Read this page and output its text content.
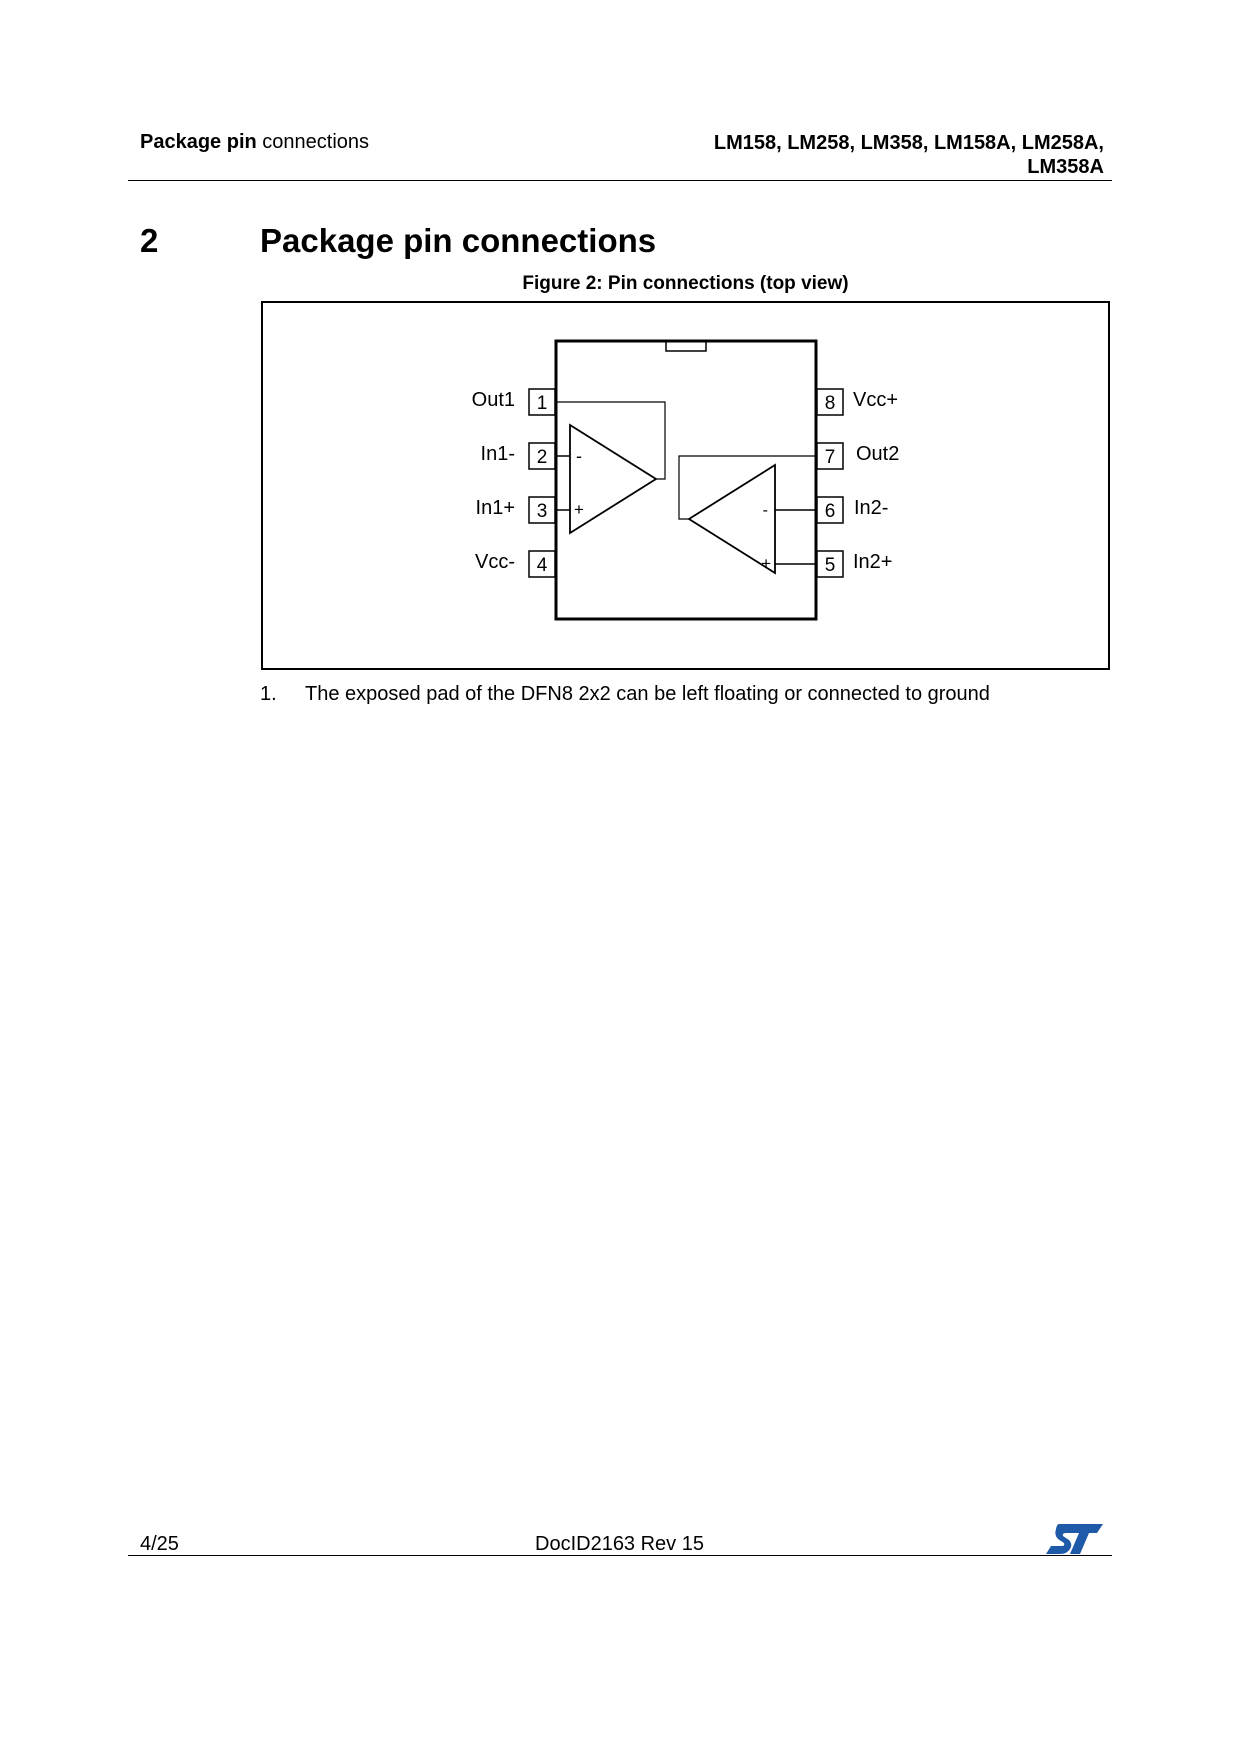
Package pin connections	LM158, LM258, LM358, LM158A, LM258A,
LM358A
2	Package pin connections
Figure 2: Pin connections (top view)
1
2
3
4
8
7
6
5
Out1
In1-
In1+
Vcc-
Vcc+
Out2
In2-
In2+
-
+	-
+
1. The exposed pad of the DFN8 2x2 can be left floating or connected to ground
4/25	DocID2163 Rev 15
